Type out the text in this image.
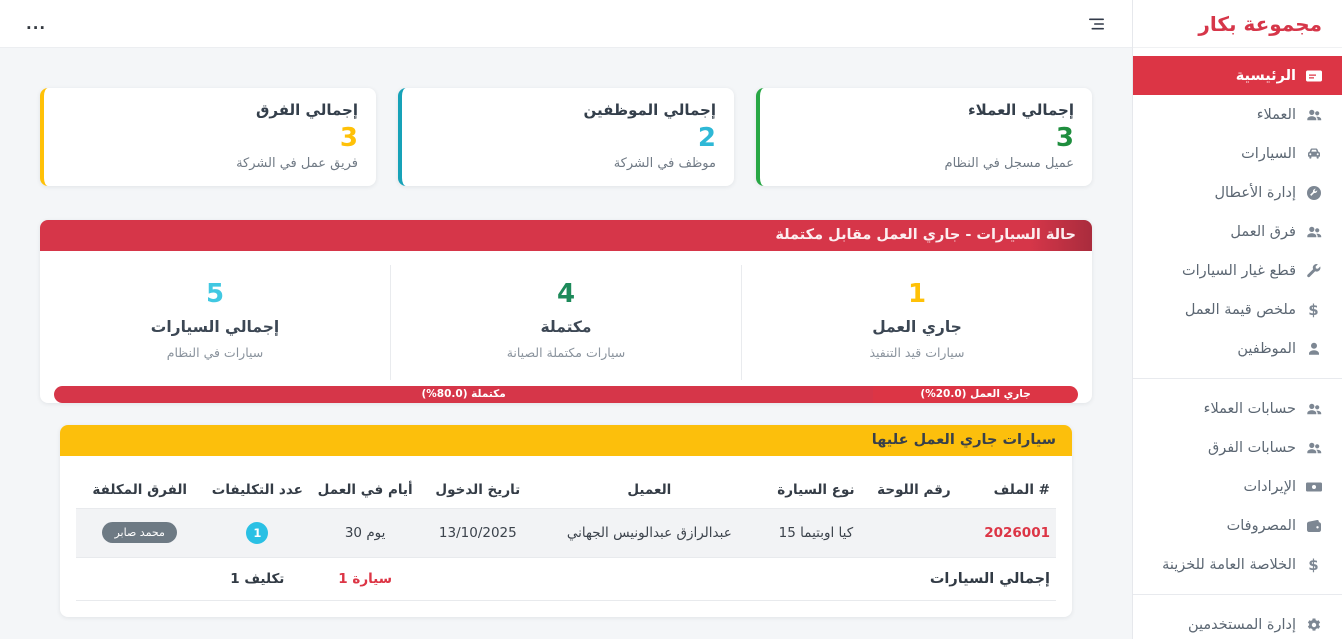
مجموعة بكار
الرئيسية
العملاء
السيارات
إدارة الأعطال
فرق العمل
قطع غيار السيارات
$
ملخص قيمة العمل
الموظفين
حسابات العملاء
حسابات الفرق
الإيرادات
المصروفات
$
الخلاصة العامة للخزينة
إدارة المستخدمين
...
إجمالي العملاء
3
عميل مسجل في النظام
إجمالي الموظفين
2
موظف في الشركة
إجمالي الفرق
3
فريق عمل في الشركة
حالة السيارات - جاري العمل مقابل مكتملة
1
جاري العمل
سيارات قيد التنفيذ
4
مكتملة
سيارات مكتملة الصيانة
5
إجمالي السيارات
سيارات في النظام
جاري العمل (20.0%)
مكتملة (80.0%)
سيارات جاري العمل عليها
# الملف	رقم اللوحة	نوع السيارة	العميل	تاريخ الدخول	أيام في العمل	عدد التكليفات	الفرق المكلفة
2026001		كيا اوبتيما 15	عبدالرازق عبدالونيس الجهاني	13/10/2025	30 يوم	1	محمد صابر
إجمالي السيارات					1 سيارة	1 تكليف	
